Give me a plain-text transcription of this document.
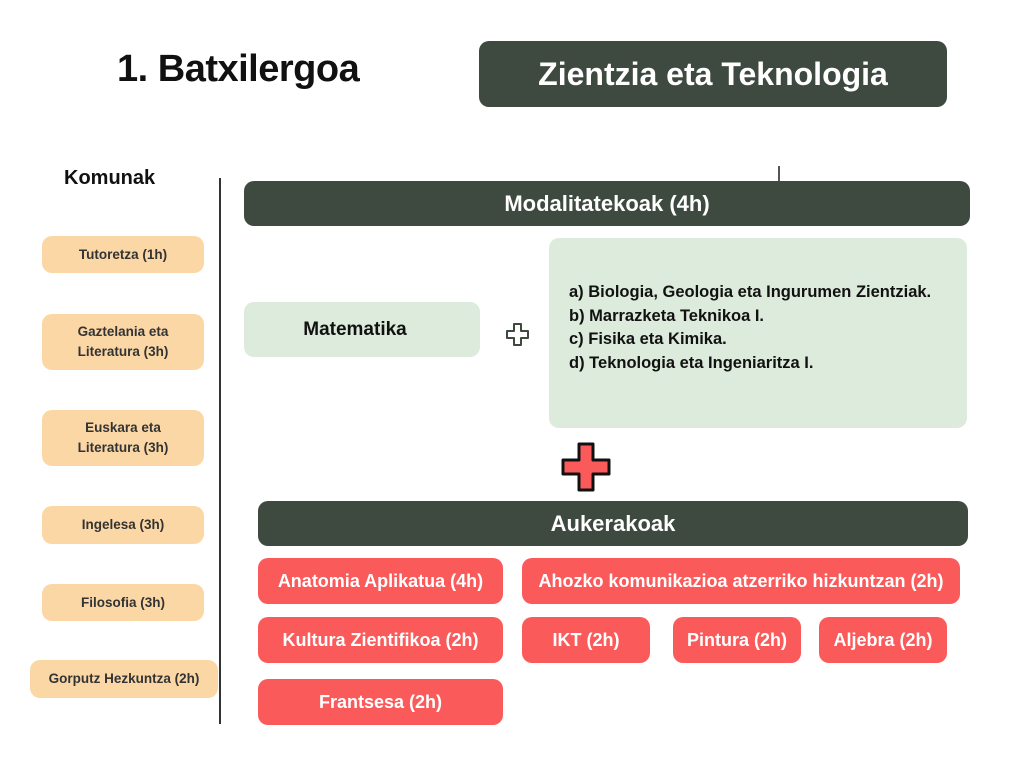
1. Batxilergoa	Zientzia eta Teknologia
Komunak
Tutoretza (1h)
Gaztelania eta Literatura (3h)
Euskara eta Literatura (3h)
Ingelesa (3h)
Filosofia (3h)
Gorputz Hezkuntza (2h)
Modalitatekoak (4h)
Matematika
a) Biologia, Geologia eta Ingurumen Zientziak.
b) Marrazketa Teknikoa I.
c) Fisika eta Kimika.
d) Teknologia eta Ingeniaritza I.
Aukerakoak
Anatomia Aplikatua (4h)	Ahozko komunikazioa atzerriko hizkuntzan (2h)
Kultura Zientifikoa (2h)	IKT (2h)	Pintura (2h)	Aljebra (2h)
Frantsesa (2h)
